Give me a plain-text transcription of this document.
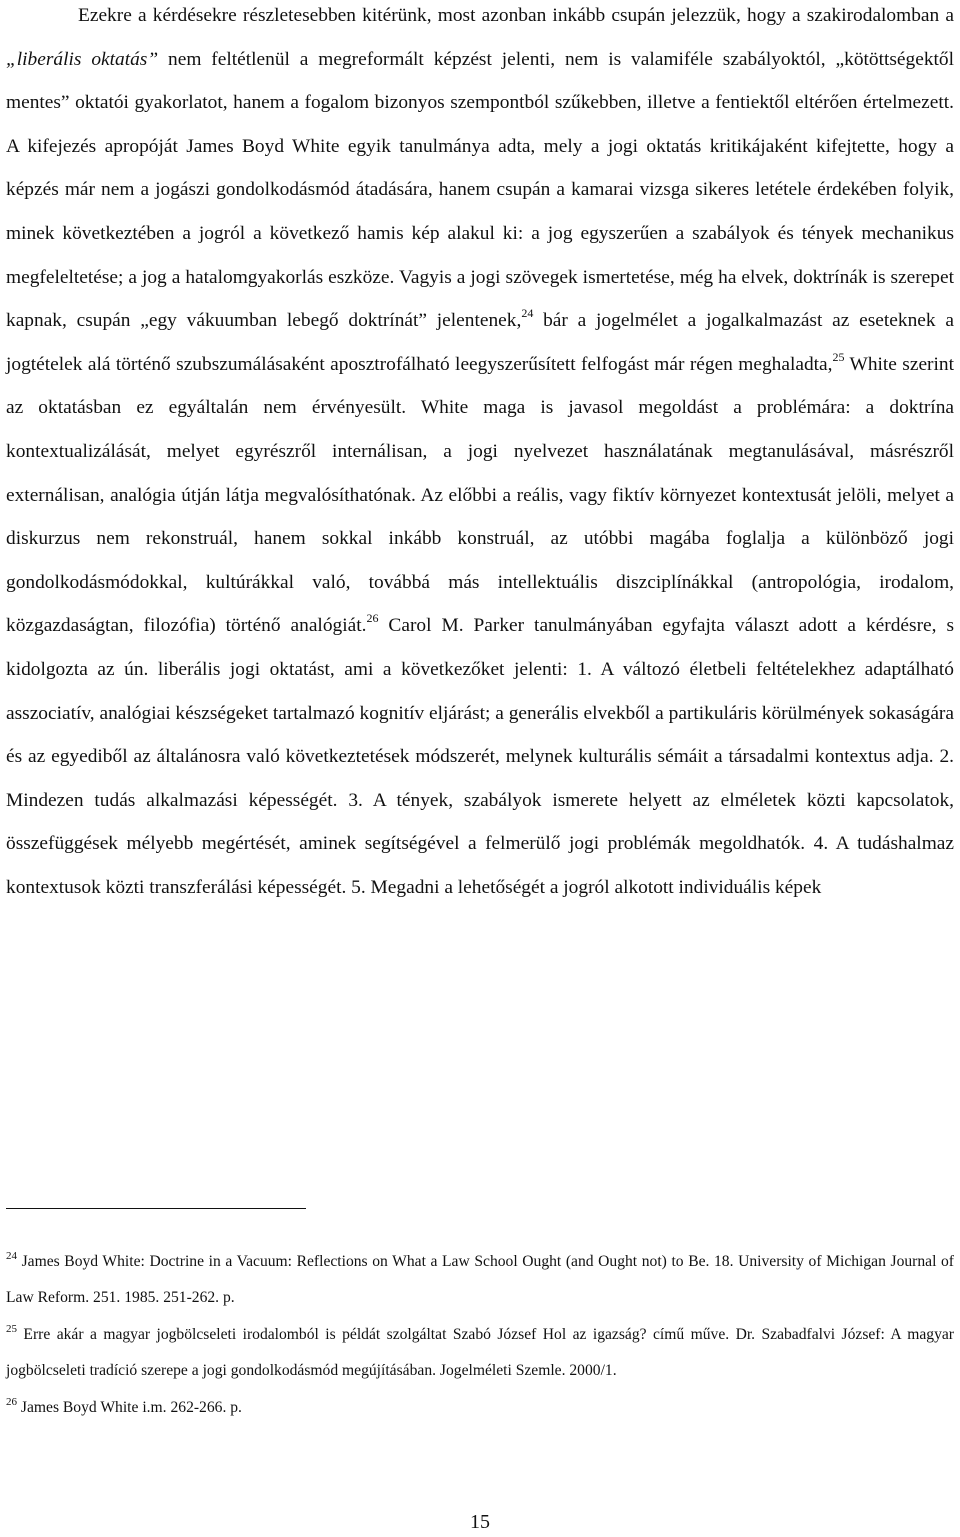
Ezekre a kérdésekre részletesebben kitérünk, most azonban inkább csupán jelezzük, hogy a szakirodalomban a „liberális oktatás” nem feltétlenül a megreformált képzést jelenti, nem is valamiféle szabályoktól, „kötöttségektől mentes” oktatói gyakorlatot, hanem a fogalom bizonyos szempontból szűkebben, illetve a fentiektől eltérően értelmezett. A kifejezés apropóját James Boyd White egyik tanulmánya adta, mely a jogi oktatás kritikájaként kifejtette, hogy a képzés már nem a jogászi gondolkodásmód átadására, hanem csupán a kamarai vizsga sikeres letétele érdekében folyik, minek következtében a jogról a következő hamis kép alakul ki: a jog egyszerűen a szabályok és tények mechanikus megfeleltetése; a jog a hatalomgyakorlás eszköze. Vagyis a jogi szövegek ismertetése, még ha elvek, doktrínák is szerepet kapnak, csupán „egy vákuumban lebegő doktrínát” jelentenek,$^{24}$ bár a jogelmélet a jogalkalmazást az eseteknek a jogtételek alá történő szubszumálásaként aposztrofálható leegyszerűsített felfogást már régen meghaladta,$^{25}$ White szerint az oktatásban ez egyáltalán nem érvényesült. White maga is javasol megoldást a problémára: a doktrína kontextualizálását, melyet egyrészről internálisan, a jogi nyelvezet használatának megtanulásával, másrészről externálisan, analógia útján látja megvalósíthatónak. Az előbbi a reális, vagy fiktív környezet kontextusát jelöli, melyet a diskurzus nem rekonstruál, hanem sokkal inkább konstruál, az utóbbi magába foglalja a különböző jogi gondolkodásmódokkal, kultúrákkal való, továbbá más intellektuális diszciplínákkal (antropológia, irodalom, közgazdaságtan, filozófia) történő analógiát.$^{26}$ Carol M. Parker tanulmányában egyfajta választ adott a kérdésre, s kidolgozta az ún. liberális jogi oktatást, ami a következőket jelenti: 1. A változó életbeli feltételekhez adaptálható asszociatív, analógiai készségeket tartalmazó kognitív eljárást; a generális elvekből a partikuláris körülmények sokaságára és az egyediből az általánosra való következtetések módszerét, melynek kulturális sémáit a társadalmi kontextus adja. 2. Mindezen tudás alkalmazási képességét. 3. A tények, szabályok ismerete helyett az elméletek közti kapcsolatok, összefüggések mélyebb megértését, aminek segítségével a felmerülő jogi problémák megoldhatók. 4. A tudáshalmaz kontextusok közti transzferálási képességét. 5. Megadni a lehetőségét a jogról alkotott individuális képek

$^{24}$ James Boyd White: Doctrine in a Vacuum: Reflections on What a Law School Ought (and Ought not) to Be. 18. University of Michigan Journal of Law Reform. 251. 1985. 251-262. p.

$^{25}$ Erre akár a magyar jogbölcseleti irodalomból is példát szolgáltat Szabó József Hol az igazság? című műve. Dr. Szabadfalvi József: A magyar jogbölcseleti tradíció szerepe a jogi gondolkodásmód megújításában. Jogelméleti Szemle. 2000/1.

$^{26}$ James Boyd White i.m. 262-266. p.

15
